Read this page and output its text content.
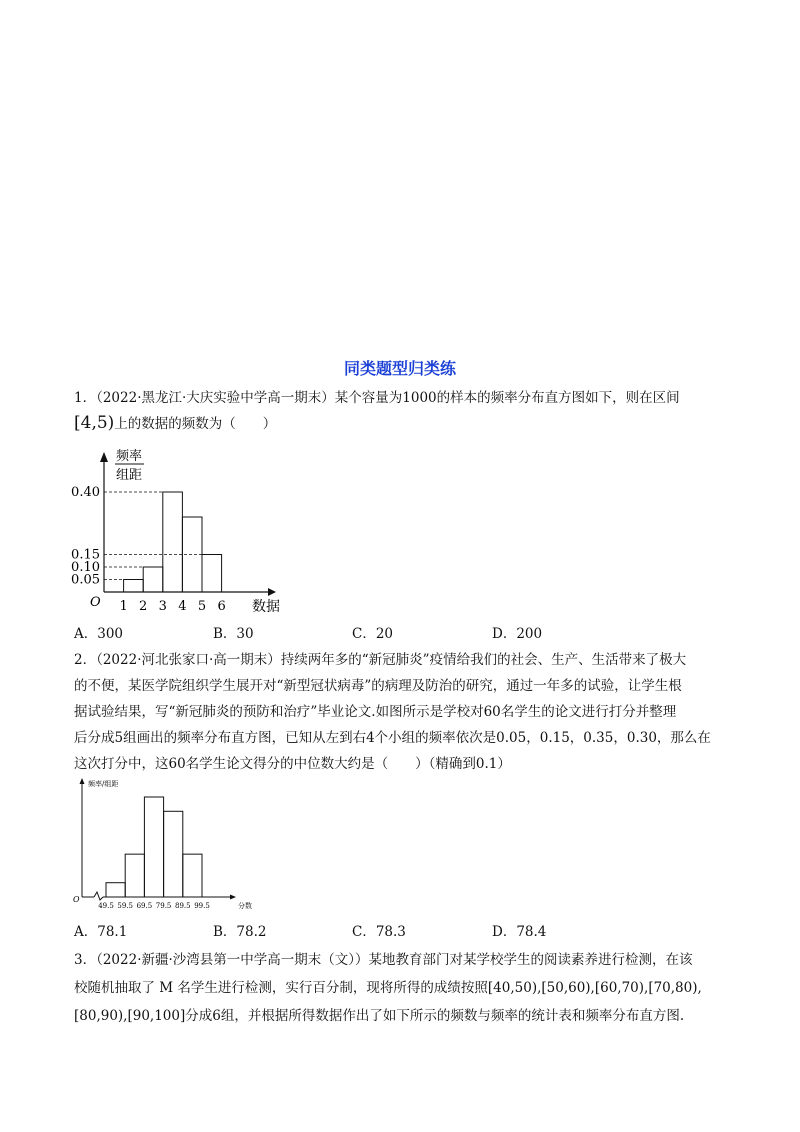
同类题型归类练
1．（2022·黑龙江·大庆实验中学高一期末）某个容量为1000的样本的频率分布直方图如下，则在区间
[4,5)上的数据的频数为（　　）
频率
组距
O	数据
0.40
0.15
0.10
0.05
1 2 3 4 5 6
A．300	B．30	C．20	D．200
2．（2022·河北张家口·高一期末）持续两年多的“新冠肺炎”疫情给我们的社会、生产、生活带来了极大
的不便，某医学院组织学生展开对“新型冠状病毒”的病理及防治的研究，通过一年多的试验，让学生根
据试验结果，写“新冠肺炎的预防和治疗”毕业论文.如图所示是学校对60名学生的论文进行打分并整理
后分成5组画出的频率分布直方图，已知从左到右4个小组的频率依次是0.05，0.15，0.35，0.30，那么在
这次打分中，这60名学生论文得分的中位数大约是（　　）（精确到0.1）
频率/组距
O
分数
49.5 59.5 69.5 79.5 89.5 99.5
A．78.1	B．78.2	C．78.3	D．78.4
3．（2022·新疆·沙湾县第一中学高一期末（文））某地教育部门对某学校学生的阅读素养进行检测，在该
校随机抽取了 M 名学生进行检测，实行百分制，现将所得的成绩按照[40,50),[50,60),[60,70),[70,80),
[80,90),[90,100]分成6组，并根据所得数据作出了如下所示的频数与频率的统计表和频率分布直方图.
